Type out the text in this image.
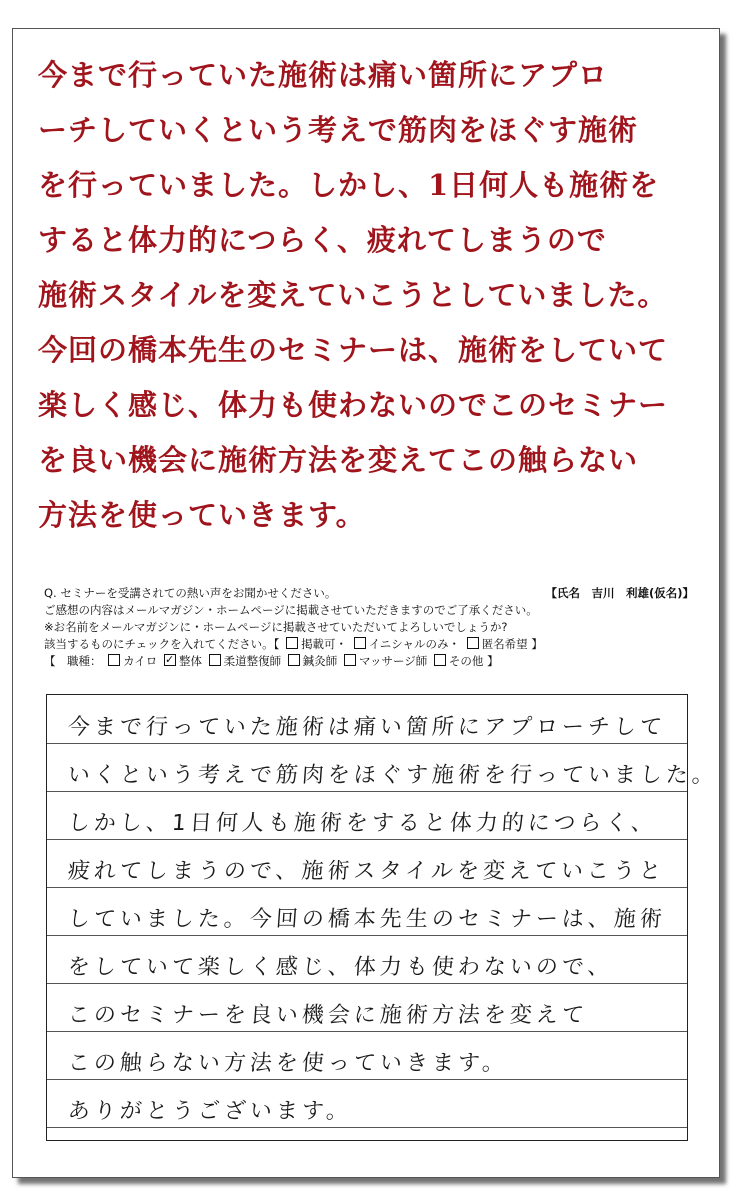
今まで行っていた施術は痛い箇所にアプロ
ーチしていくという考えで筋肉をほぐす施術
を行っていました。しかし、1日何人も施術を
すると体力的につらく、疲れてしまうので
施術スタイルを変えていこうとしていました。
今回の橋本先生のセミナーは、施術をしていて
楽しく感じ、体力も使わないのでこのセミナー
を良い機会に施術方法を変えてこの触らない
方法を使っていきます。
Q. セミナーを受講されての熱い声をお聞かせください。	【氏名　吉川　利雄(仮名)】
ご感想の内容はメールマガジン・ホームページに掲載させていただきますのでご了承ください。
※お名前をメールマガジンに・ホームページに掲載させていただいてよろしいでしょうか?
該当するものにチェックを入れてください。【 掲載可・ イニシャルのみ・ 匿名希望 】
【　職種： カイロ ✓ 整体 柔道整復師 鍼灸師 マッサージ師 その他 】
今まで行っていた施術は痛い箇所にアプローチして
いくという考えで筋肉をほぐす施術を行っていました。
しかし、1日何人も施術をすると体力的につらく、
疲れてしまうので、施術スタイルを変えていこうと
していました。今回の橋本先生のセミナーは、施術
をしていて楽しく感じ、体力も使わないので、
このセミナーを良い機会に施術方法を変えて
この触らない方法を使っていきます。
ありがとうございます。
